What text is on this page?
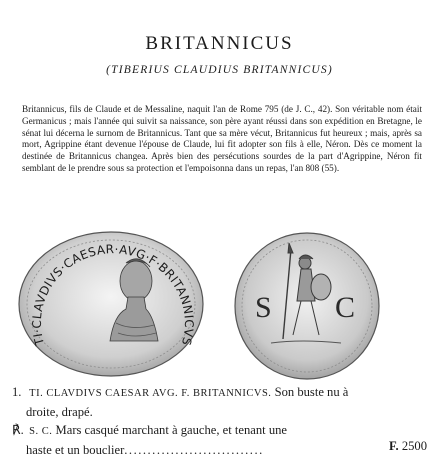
BRITANNICUS
(TIBERIUS CLAUDIUS BRITANNICUS)

Britannicus, fils de Claude et de Messaline, naquit l'an de Rome 795 (de J. C., 42). Son véritable nom était Germanicus ; mais l'année qui suivit sa naissance, son père ayant réussi dans son expédition en Bretagne, le sénat lui décerna le surnom de Britannicus. Tant que sa mère vécut, Britannicus fut heureux ; mais, après sa mort, Agrippine étant devenue l'épouse de Claude, lui fit adopter son fils à elle, Néron. Dès ce moment la destinée de Britannicus changea. Après bien des persécutions sourdes de la part d'Agrippine, Néron fit semblant de le prendre sous sa protection et l'empoisonna dans un repas, l'an 808 (55).

TI·CLAVDIVS·CAESAR·AVG·F·BRITANNICVS
S C
1. TI. CLAVDIVS CAESAR AVG. F. BRITANNICVS. Son buste nu à
droite, drapé.
℟. S. C. Mars casqué marchant à gauche, et tenant une
haste et un bouclier..............................	F. 2500
